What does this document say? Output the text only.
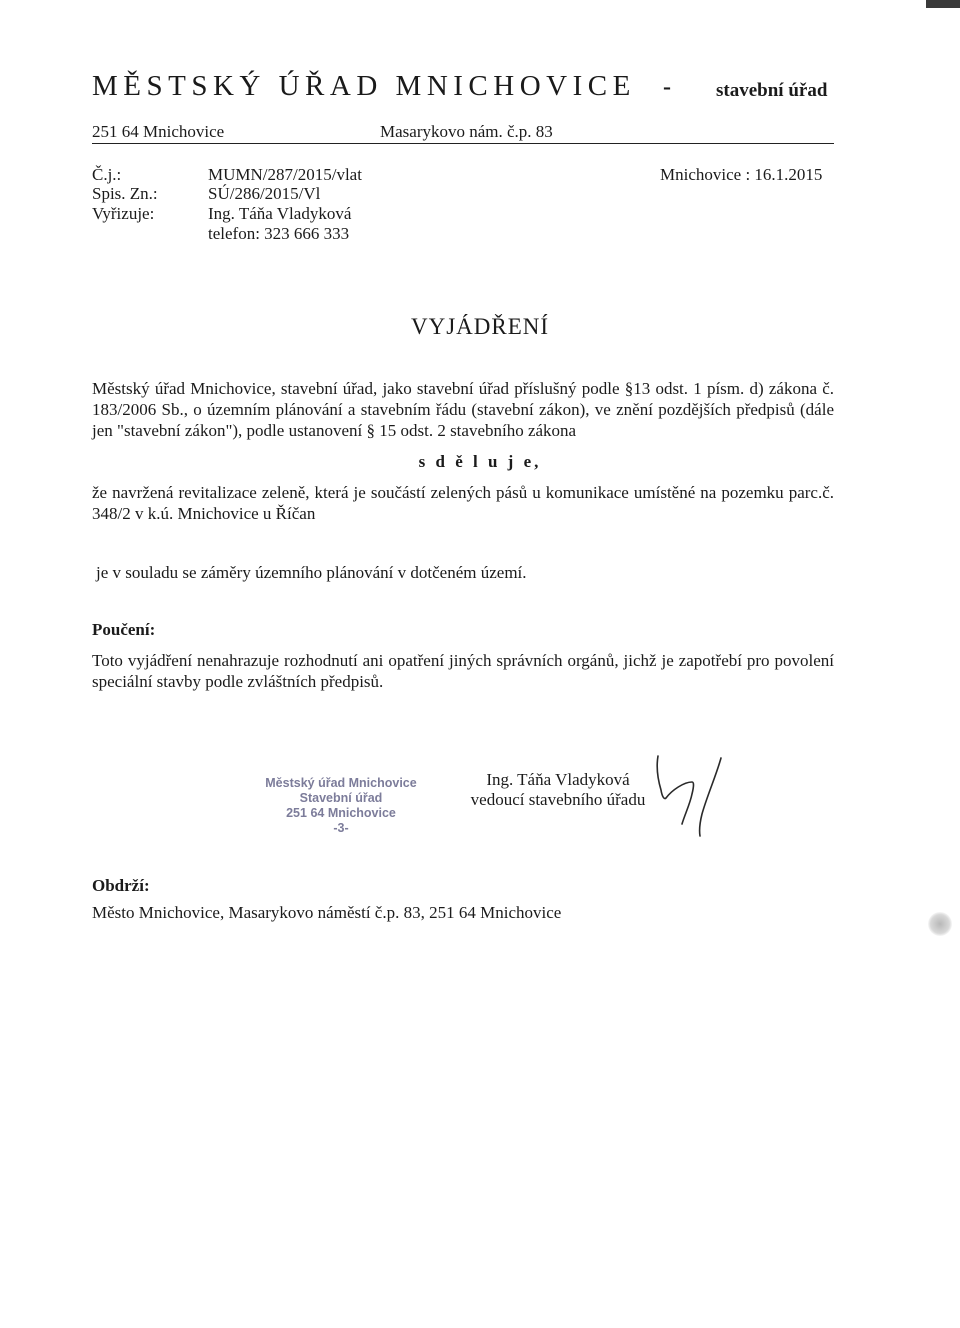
MĚSTSKÝ ÚŘAD MNICHOVICE - stavební úřad
251 64 Mnichovice	Masarykovo nám. č.p. 83
Č.j.:	MUMN/287/2015/vlat
Spis. Zn.:	SÚ/286/2015/Vl
Vyřizuje:	Ing. Táňa Vladyková
telefon: 323 666 333
Mnichovice : 16.1.2015
VYJÁDŘENÍ
Městský úřad Mnichovice, stavební úřad, jako stavební úřad příslušný podle §13 odst. 1 písm. d) zákona č. 183/2006 Sb., o územním plánování a stavebním řádu (stavební zákon), ve znění pozdějších předpisů (dále jen "stavební zákon"), podle ustanovení § 15 odst. 2 stavebního zákona
s d ě l u j e,
že navržená revitalizace zeleně, která je součástí zelených pásů u komunikace umístěné na pozemku parc.č. 348/2 v k.ú. Mnichovice u Říčan
je v souladu se záměry územního plánování v dotčeném území.
Poučení:
Toto vyjádření nenahrazuje rozhodnutí ani opatření jiných správních orgánů, jichž je zapotřebí pro povolení speciální stavby podle zvláštních předpisů.
Městský úřad Mnichovice
Stavební úřad
251 64 Mnichovice
-3-
Ing. Táňa Vladyková
vedoucí stavebního úřadu
Obdrží:
Město Mnichovice, Masarykovo náměstí č.p. 83, 251 64 Mnichovice
